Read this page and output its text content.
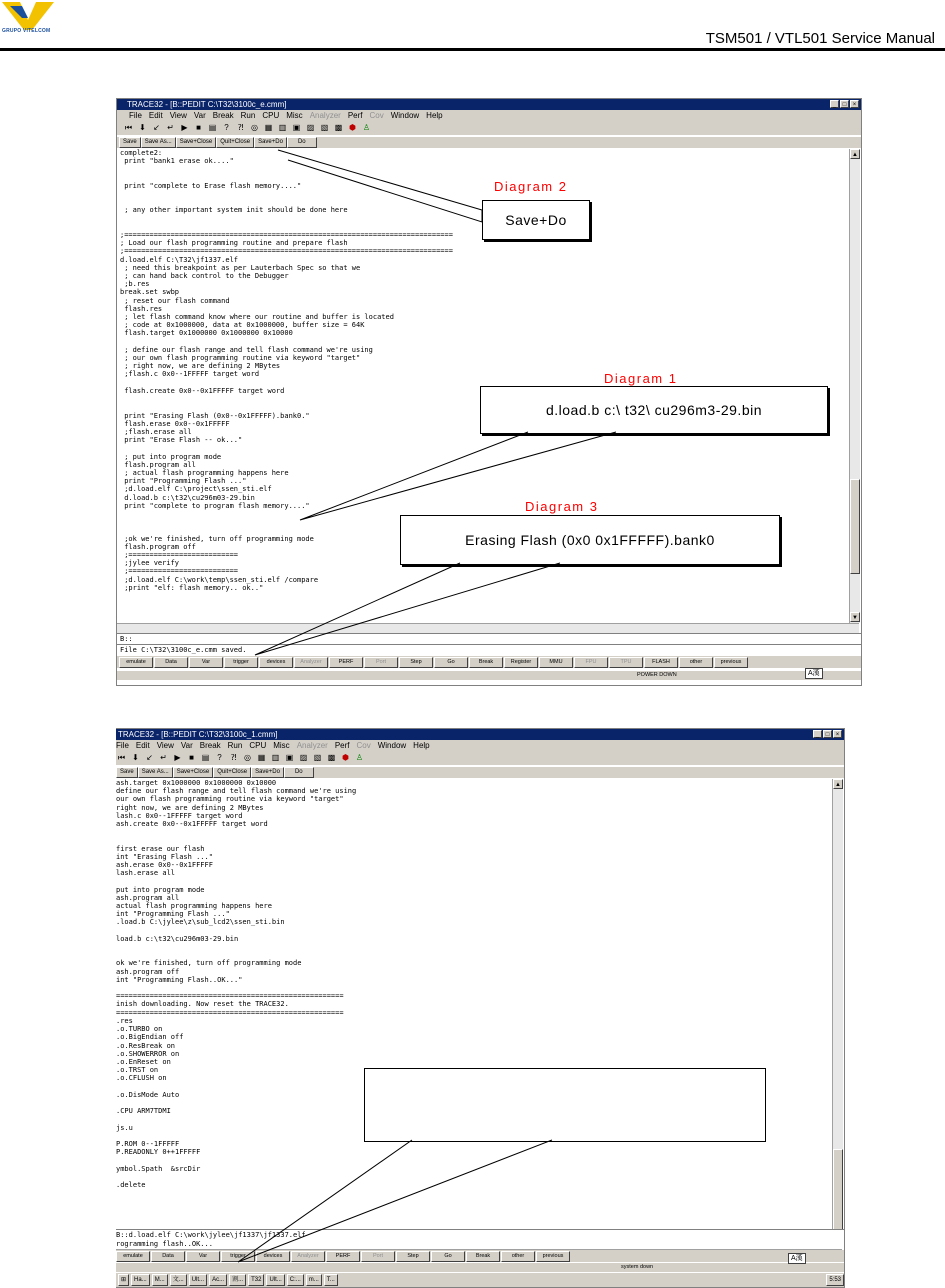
GRUPO VITELCOM	TSM501 / VTL501 Service Manual
TRACE32 - [B::PEDIT C:\T32\3100c_e.cmm]	_	□	×
File Edit View Var Break Run CPU Misc Analyzer Perf Cov Window Help
⏮ ⬇ ↙ ↵ ▶	■ ▤ ?	⁈ ◎ ▦ ▥ ▣ ▨ ▧ ▩ ⬢ ♙
Save	Save As...	Save+Close	Quit+Close	Save+Do	Do
complete2:
print "bank1 erase ok...."

print "complete to Erase flash memory...."

; any other important system init should be done here

;==============================================================================
; Load our flash programming routine and prepare flash
;==============================================================================
d.load.elf C:\T32\jf1337.elf
; need this breakpoint as per Lauterbach Spec so that we
; can hand back control to the Debugger
;b.res
break.set swbp
; reset our flash command
flash.res
; let flash command know where our routine and buffer is located
; code at 0x1000000, data at 0x1000000, buffer size = 64K
flash.target 0x1000000 0x1000000 0x10000

; define our flash range and tell flash command we're using
; our own flash programming routine via keyword "target"
; right now, we are defining 2 MBytes
;flash.c 0x0--1FFFFF target word

flash.create 0x0--0x1FFFFF target word

print "Erasing Flash (0x0--0x1FFFFF).bank0."
flash.erase 0x0--0x1FFFFF
;flash.erase all
print "Erase Flash -- ok..."

; put into program mode
flash.program all
; actual flash programming happens here
print "Programming Flash ..."
;d.load.elf C:\project\ssen_sti.elf
d.load.b c:\t32\cu296m03-29.bin
print "complete to program flash memory...."

;ok we're finished, turn off programming mode
flash.program off
;==========================
;jylee verify
;==========================
;d.load.elf C:\work\temp\ssen_sti.elf /compare
;print "elf: flash memory.. ok.."
▲
▼
B::
File C:\T32\3100c_e.cmm saved.
emulate	Data	Var	trigger	devices	Analyzer	PERF	Port	Step	Go	Break	Register	MMU	FPU	TPU	FLASH	other	previous
POWER DOWN	A漢
Diagram 2
Save+Do
Diagram 1
d.load.b c:\ t32\ cu296m3-29.bin
Diagram 3
Erasing Flash (0x0 0x1FFFFF).bank0
TRACE32 - [B::PEDIT C:\T32\3100c_1.cmm]	_	□	×
File Edit View Var Break Run CPU Misc Analyzer Perf Cov Window Help
⏮ ⬇ ↙ ↵ ▶	■ ▤ ?	⁈ ◎ ▦ ▥ ▣ ▨ ▧ ▩ ⬢ ♙
Save	Save As...	Save+Close	Quit+Close	Save+Do	Do
ash.target 0x1000000 0x1000000 0x10000
define our flash range and tell flash command we're using
our own flash programming routine via keyword "target"
right now, we are defining 2 MBytes
lash.c 0x0--1FFFFF target word
ash.create 0x0--0x1FFFFF target word

first erase our flash
int "Erasing Flash ..."
ash.erase 0x0--0x1FFFFF
lash.erase all

put into program mode
ash.program all
actual flash programming happens here
int "Programming Flash ..."
.load.b C:\jylee\z\sub_lcd2\ssen_sti.bin

load.b c:\t32\cu296m03-29.bin

ok we're finished, turn off programming mode
ash.program off
int "Programming Flash..OK..."

======================================================
inish downloading. Now reset the TRACE32.
======================================================
.res
.o.TURBO on
.o.BigEndian off
.o.ResBreak on
.o.SHOWERROR on
.o.EnReset on
.o.TRST on
.o.CFLUSH on

.o.DisMode Auto

.CPU ARM7TDMI

js.u

P.ROM 0--1FFFFF
P.READONLY 0++1FFFFF

ymbol.Spath  &srcDir

.delete
▲
B::d.load.elf C:\work\jylee\jf1337\jf1337.elf
rogramming flash..OK...
emulate	Data	Var	trigger	devices	Analyzer	PERF	Port	Step	Go	Break	other	previous
system down
A漢
⊞	Ha...	M...	文...	Ult...	Ac...	割...	T32	Ult...	C:...	m...	T...	5:53
